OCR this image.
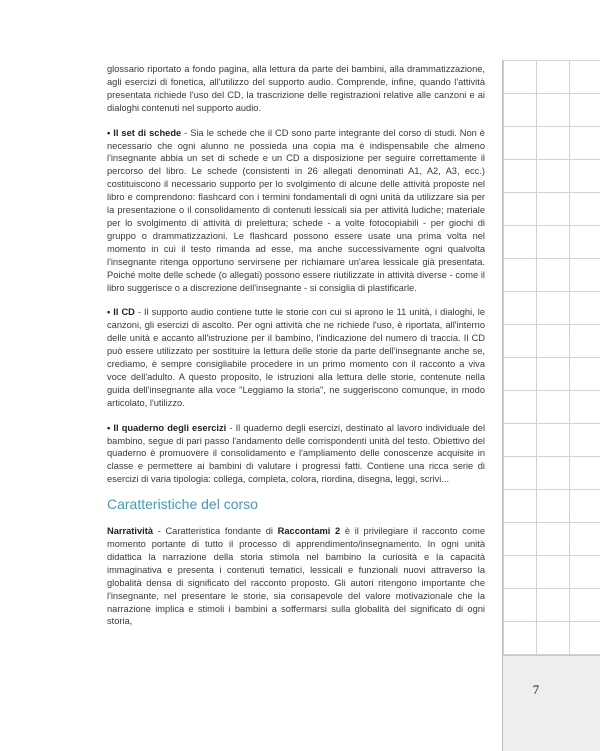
7

glossario riportato a fondo pagina, alla lettura da parte dei bambini, alla drammatizzazione, agli esercizi di fonetica, all'utilizzo del supporto audio. Comprende, infine, quando l'attività presentata richiede l'uso del CD, la trascrizione delle registrazioni relative alle canzoni e ai dialoghi contenuti nel supporto audio.

• Il set di schede - Sia le schede che il CD sono parte integrante del corso di studi. Non è necessario che ogni alunno ne possieda una copia ma è indispensabile che almeno l'insegnante abbia un set di schede e un CD a disposizione per seguire correttamente il percorso del libro. Le schede (consistenti in 26 allegati denominati A1, A2, A3, ecc.) costituiscono il necessario supporto per lo svolgimento di alcune delle attività proposte nel libro e comprendono: flashcard con i termini fondamentali di ogni unità da utilizzare sia per la presentazione o il consolidamento di contenuti lessicali sia per attività ludiche; materiale per lo svolgimento di attività di prelettura; schede - a volte fotocopiabili - per giochi di gruppo o drammatizzazioni. Le flashcard possono essere usate una prima volta nel momento in cui il testo rimanda ad esse, ma anche successivamente ogni qualvolta l'insegnante ritenga opportuno servirsene per richiamare un'area lessicale già presentata. Poiché molte delle schede (o allegati) possono essere riutilizzate in attività diverse - come il libro suggerisce o a discrezione dell'insegnante - si consiglia di plastificarle.

• Il CD - Il supporto audio contiene tutte le storie con cui si aprono le 11 unità, i dialoghi, le canzoni, gli esercizi di ascolto. Per ogni attività che ne richiede l'uso, è riportata, all'interno delle unità e accanto all'istruzione per il bambino, l'indicazione del numero di traccia. Il CD può essere utilizzato per sostituire la lettura delle storie da parte dell'insegnante anche se, crediamo, è sempre consigliabile procedere in un primo momento con il racconto a viva voce dell'adulto. A questo proposito, le istruzioni alla lettura delle storie, contenute nella guida dell'insegnante alla voce "Leggiamo la storia", ne suggeriscono comunque, in modo articolato, l'utilizzo.

• Il quaderno degli esercizi - Il quaderno degli esercizi, destinato al lavoro individuale del bambino, segue di pari passo l'andamento delle corrispondenti unità del testo. Obiettivo del quaderno è promuovere il consolidamento e l'ampliamento delle conoscenze acquisite in classe e permettere ai bambini di valutare i progressi fatti. Contiene una ricca serie di esercizi di varia tipologia: collega, completa, colora, riordina, disegna, leggi, scrivi...

Caratteristiche del corso

Narratività - Caratteristica fondante di Raccontami 2 è il privilegiare il racconto come momento portante di tutto il processo di apprendimento/insegnamento. In ogni unità didattica la narrazione della storia stimola nel bambino la curiosità e la capacità immaginativa e presenta i contenuti tematici, lessicali e funzionali nuovi attraverso la globalità densa di significato del racconto proposto. Gli autori ritengono importante che l'insegnante, nel presentare le storie, sia consapevole del valore motivazionale che la narrazione implica e stimoli i bambini a soffermarsi sulla globalità del significato di ogni storia,
